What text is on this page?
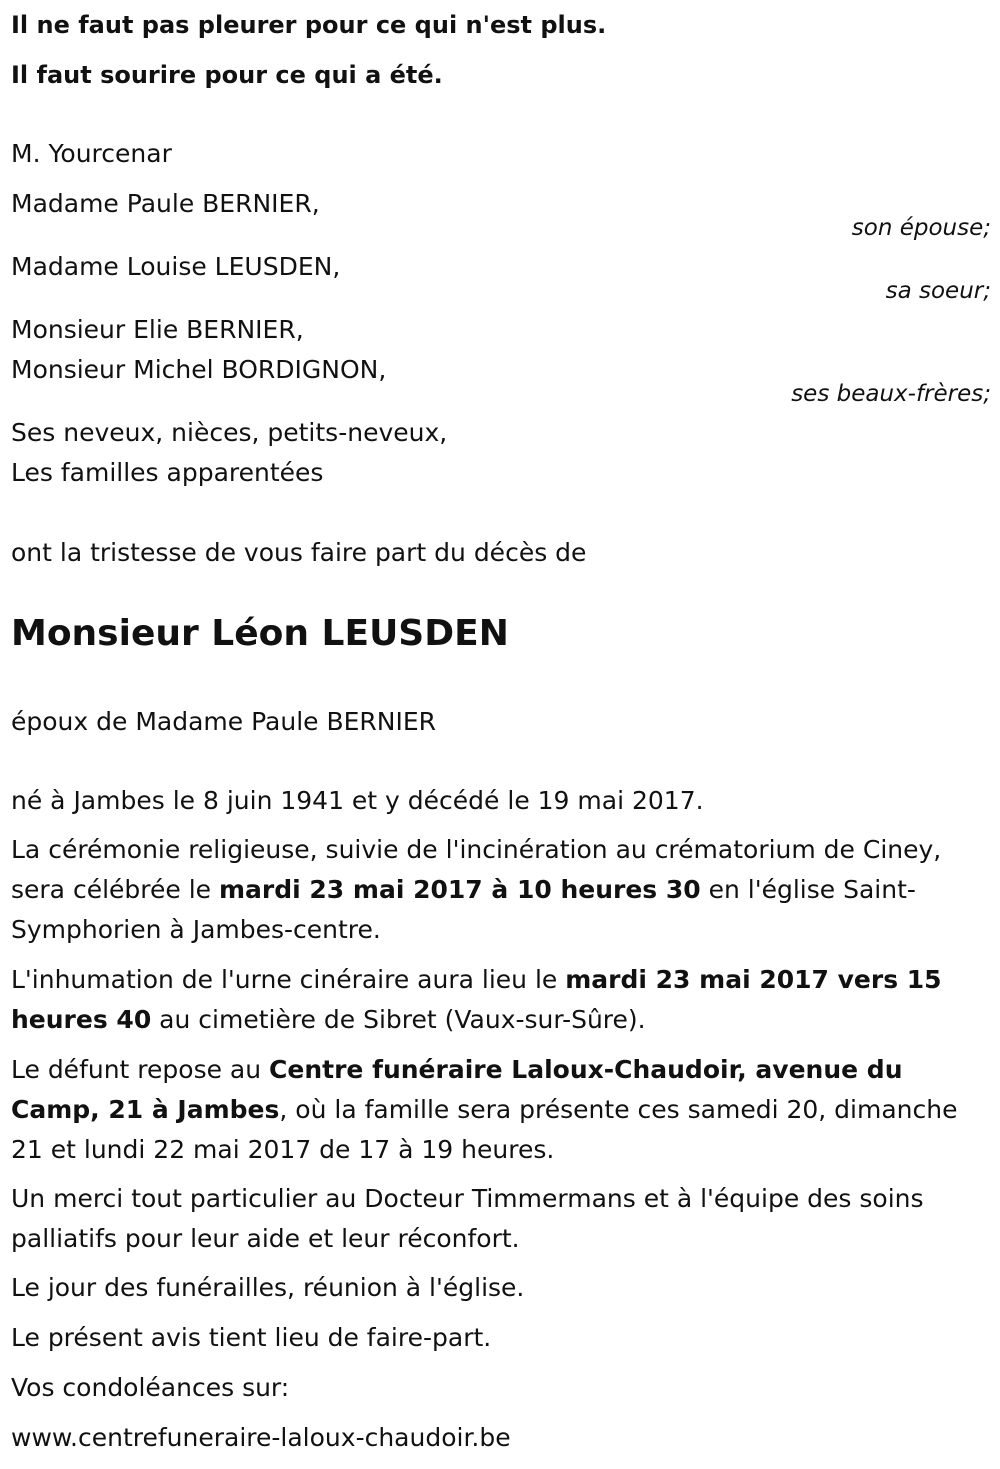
Il ne faut pas pleurer pour ce qui n'est plus.
Il faut sourire pour ce qui a été.
M. Yourcenar
Madame Paule BERNIER,
son épouse;
Madame Louise LEUSDEN,
sa soeur;
Monsieur Elie BERNIER,
Monsieur Michel BORDIGNON,
ses beaux-frères;
Ses neveux, nièces, petits-neveux,
Les familles apparentées
ont la tristesse de vous faire part du décès de
Monsieur Léon LEUSDEN
époux de Madame Paule BERNIER
né à Jambes le 8 juin 1941 et y décédé le 19 mai 2017.
La cérémonie religieuse, suivie de l'incinération au crématorium de Ciney, sera célébrée le mardi 23 mai 2017 à 10 heures 30 en l'église Saint-Symphorien à Jambes-centre.
L'inhumation de l'urne cinéraire aura lieu le mardi 23 mai 2017 vers 15 heures 40 au cimetière de Sibret (Vaux-sur-Sûre).
Le défunt repose au Centre funéraire Laloux-Chaudoir, avenue du Camp, 21 à Jambes, où la famille sera présente ces samedi 20, dimanche 21 et lundi 22 mai 2017 de 17 à 19 heures.
Un merci tout particulier au Docteur Timmermans et à l'équipe des soins palliatifs pour leur aide et leur réconfort.
Le jour des funérailles, réunion à l'église.
Le présent avis tient lieu de faire-part.
Vos condoléances sur:
www.centrefuneraire-laloux-chaudoir.be
